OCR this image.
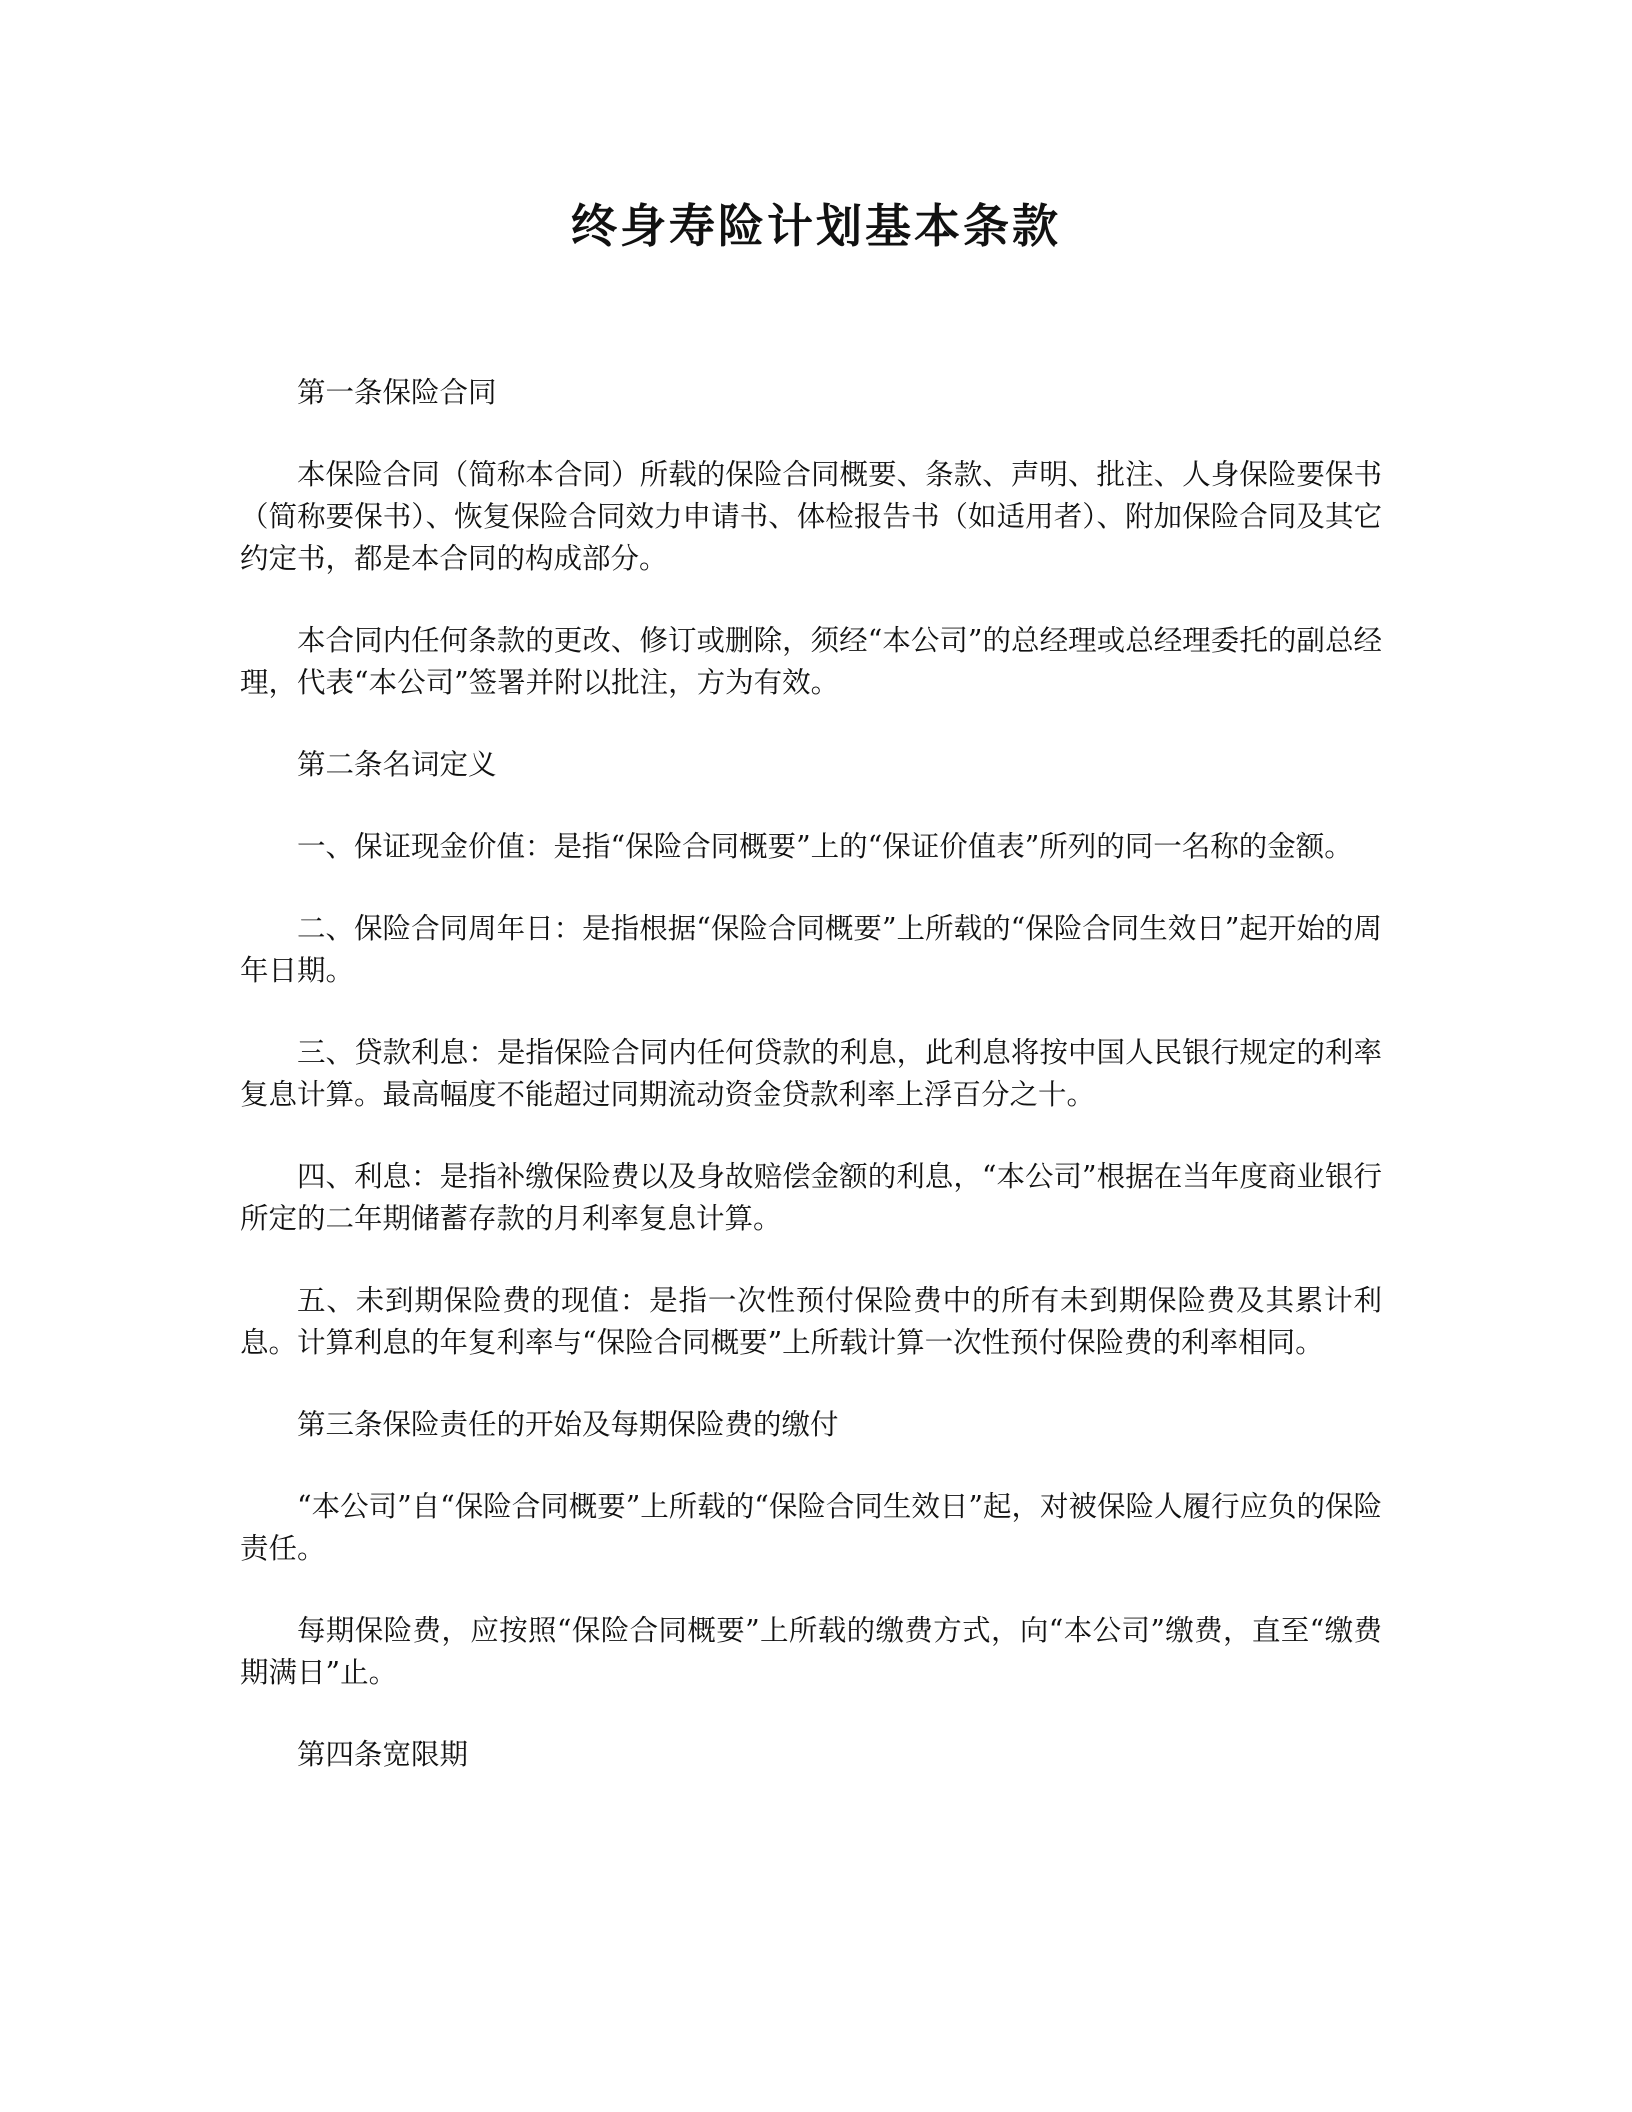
终身寿险计划基本条款

第一条保险合同

本保险合同（简称本合同）所载的保险合同概要、条款、声明、批注、人身保险要保书（简称要保书）、恢复保险合同效力申请书、体检报告书（如适用者）、附加保险合同及其它约定书，都是本合同的构成部分。

本合同内任何条款的更改、修订或删除，须经“本公司”的总经理或总经理委托的副总经理，代表“本公司”签署并附以批注，方为有效。

第二条名词定义

一、保证现金价值：是指“保险合同概要”上的“保证价值表”所列的同一名称的金额。

二、保险合同周年日：是指根据“保险合同概要”上所载的“保险合同生效日”起开始的周年日期。

三、贷款利息：是指保险合同内任何贷款的利息，此利息将按中国人民银行规定的利率复息计算。最高幅度不能超过同期流动资金贷款利率上浮百分之十。

四、利息：是指补缴保险费以及身故赔偿金额的利息，“本公司”根据在当年度商业银行所定的二年期储蓄存款的月利率复息计算。

五、未到期保险费的现值：是指一次性预付保险费中的所有未到期保险费及其累计利息。计算利息的年复利率与“保险合同概要”上所载计算一次性预付保险费的利率相同。

第三条保险责任的开始及每期保险费的缴付

“本公司”自“保险合同概要”上所载的“保险合同生效日”起，对被保险人履行应负的保险责任。

每期保险费，应按照“保险合同概要”上所载的缴费方式，向“本公司”缴费，直至“缴费期满日”止。

第四条宽限期
